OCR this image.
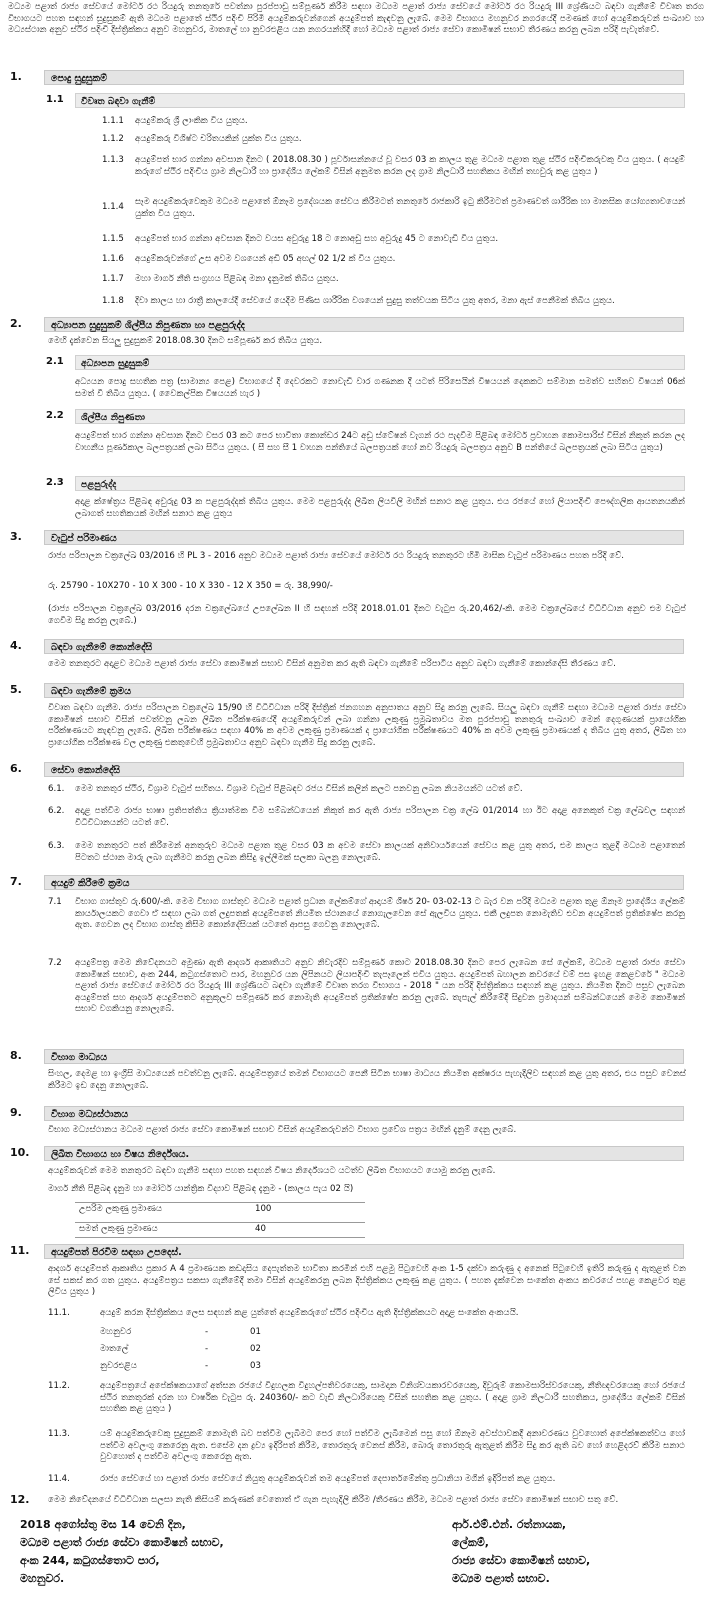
මධ්‍යම පළාත් රාජ්‍ය සේවයේ මෝටර් රථ රියදුරු තනතුරේ පවත්නා පුරප්පාඩු සම්පූර්ණ කිරීම සඳහා මධ්‍යම පළාත් රාජ්‍ය සේවයේ මෝටර් රථ රියදුරු III ශ්‍රේණියට බඳවා ගැනීමේ විවෘත තරග විභාගයට පහත සඳහන් සුදුසුකම් ඇති මධ්‍යම පළාතේ ස්ථිර පදිංචි පිරිමි අයදුම්කරුවන්ගෙන් අයදුම්පත් කැඳවනු ලැබේ. මෙම විභාගය මහනුවර නගරයේදී පමණක් හෝ අයදුම්කරුවන් සංඛ්‍යාව හා මධ්‍යස්ථාන අනුව ස්ථිර පදිංචි දිස්ත්‍රික්කය අනුව මහනුවර, මාතලේ හා නුවරඑළිය යන නගරයන්හිදී හෝ මධ්‍යම පළාත් රාජ්‍ය සේවා කොමිෂන් සභාව තීරණය කරනු ලබන පරිදි පැවැත්වේ.
1.	පොදු සුදුසුකම්
1.1	විවෘත බඳවා ගැනීම්
1.1.1 අයදුම්කරු ශ්‍රී ලාංකික විය යුතුය.
1.1.2 අයදුම්කරු විශිෂ්ට චරිතයකින් යුක්ත විය යුතුය.
1.1.3 අයදුම්පත් භාර ගන්නා අවසාන දිනට ( 2018.08.30 ) පූර්වාසන්නයේ වූ වසර 03 ක කාලය තුළ මධ්‍යම පළාත තුළ ස්ථිර පදිංචිකරුවකු විය යුතුය. ( අයදුම් කරුගේ ස්ථිර පදිංචිය ග්‍රාම නිලධාරී හා ප්‍රාදේශීය ලේකම් විසින් අනුමත කරන ලද ග්‍රාම නිලධාරී සහතිකය මඟින් තහවුරු කළ යුතුය )
1.1.4 සෑම අයදුම්කරුවෙකුම මධ්‍යම පළාතේ ඕනෑම ප්‍රදේශයක සේවය කිරීමටත් තනතුරේ රාජකාරි ඉටු කිරීමටත් ප්‍රමාණවත් ශාරීරික හා මානසික යෝග්‍යතාවයෙන් යුක්ත විය යුතුය.
1.1.5 අයදුම්පත් භාර ගන්නා අවසාන දිනට වයස අවුරුදු 18 ට නොඅඩු සහ අවුරුදු 45 ට නොවැඩි විය යුතුය.
1.1.6 අයදුම්කරුවන්ගේ උස අවම වශයෙන් අඩි 05 අඟල් 02 1/2 ක් විය යුතුය.
1.1.7 මහා මාර්ග නීති සංග්‍රහය පිළිබඳ මනා දැනුමක් තිබිය යුතුය.
1.1.8 දිවා කාලය හා රාත්‍රී කාලයේදී සේවයේ යෙදීම පිණිස ශාරීරික වශයෙන් සුදුසු තත්වයක සිටිය යුතු අතර, මනා ඇස් පෙනීමක් තිබිය යුතුය.
2.	අධ්‍යාපන සුදුසුකම් ශිල්පීය නිපුණතා හා පළපුරුද්ද
මෙහි දැක්වෙන සියලු සුදුසුකම් 2018.08.30 දිනට සම්පූර්ණ කර තිබිය යුතුය.
2.1	අධ්‍යාපන සුදුසුකම්
අධ්‍යයන පොදු සහතික පත්‍ර (සාමාන්‍ය පෙළ) විභාගයේ දී දෙවරකට නොවැඩි වාර ගණනක දී යටත් පිරිසෙයින් විෂයයන් දෙකකට සම්මාන සමත්ව සහිතව විෂයන් 06ක් සමත් වී තිබිය යුතුය. ( වෛකල්පික විෂයයන් හැර )
2.2	ශිල්පීය නිපුණතා
අයදුම්පත් භාර ගන්නා අවසාන දිනට වසර 03 කට පෙර භාවිතා කොන්ඩර 24ට අඩු ස්ටේෂන් වැගන් රථ පැදවීම පිළිබඳ මෝටර් ප්‍රවාහන කොමසාරිස් විසින් නිකුත් කරන ලද වාහනීය පූර්ණකාල බලපත්‍රයක් ලබා සිටිය යුතුය. ( සී සහ සී 1 වාහන පන්තියේ බලපත්‍රයක් හෝ නව රියදුරු බලපත්‍රය අනුව B පන්තියේ බලපත්‍රයක් ලබා සිටිය යුතුය)
2.3	පළපුරුද්ද
අදාළ ක්ෂේත්‍රය පිළිබඳ අවුරුදු 03 ක පළපුරුද්දක් තිබිය යුතුය. මෙම පළපුරුද්ද ලිඛිත ලියවිලි මඟින් සනාථ කළ යුතුය. එය රජයේ හෝ ලියාපදිංචි පෞද්ගලික ආයතනයකින් ලබාගත් සහතිකයක් මඟින් සනාථ කළ යුතුය
3.	වැටුප් පරිමාණය
රාජ්‍ය පරිපාලන චක්‍රලේඛ 03/2016 හි PL 3 - 2016 අනුව මධ්‍යම පළාත් රාජ්‍ය සේවයේ මෝටර් රථ රියදුරු තනතුරට හිමි මාසික වැටුප් පරිමාණය පහත පරිදි වේ.
රු. 25790 - 10X270 - 10 X 300 - 10 X 330 - 12 X 350 = රු. 38,990/-
(රාජ්‍ය පරිපාලන චක්‍රලේඛ 03/2016 දරන චක්‍රලේඛයේ උපලේඛන II හි සඳහන් පරිදි 2018.01.01 දිනට වැටුප රු.20,462/-කි. මෙම චක්‍රලේඛයේ විධිවිධාන අනුව එම වැටුප් ගෙවීම සිදු කරනු ලැබේ.)
4.	බඳවා ගැනීමේ කොන්දේසි
මෙම තනතුරට අදාළව මධ්‍යම පළාත් රාජ්‍ය සේවා කොමිෂන් සභාව විසින් අනුමත කර ඇති බඳවා ගැනීමේ පරිපාටිය අනුව බඳවා ගැනීමේ කොන්දේසි තීරණය වේ.
5.	බඳවා ගැනීමේ ක්‍රමය
විවෘත බඳවා ගැනීම. රාජ්‍ය පරිපාලන චක්‍රලේඛ 15/90 හි විධිවිධාන පරිදි දිස්ත්‍රික් ජනගහන අනුපාතය අනුව සිදු කරනු ලැබේ. සියලු බඳවා ගැනීම් සඳහා මධ්‍යම පළාත් රාජ්‍ය සේවා කොමිෂන් සභාව විසින් පවත්වනු ලබන ලිඛිත පරීක්ෂණයේදී අයදුම්කරුවන් ලබා ගන්නා ලකුණු ප්‍රමුඛතාවය මත පුරප්පාඩු තනතුරු සංඛ්‍යාව මෙන් දෙගුණයක් ප්‍රායෝගික පරීක්ෂණයට කැඳවනු ලැබේ. ලිඛිත පරීක්ෂණය සඳහා 40% ක අවම ලකුණු ප්‍රමාණයක් ද ප්‍රායෝගික පරීක්ෂණයට 40% ක අවම ලකුණු ප්‍රමාණයක් ද තිබිය යුතු අතර, ලිඛිත හා ප්‍රායෝගික පරීක්ෂණ වල ලකුණු එකතුවෙහි ප්‍රමුඛතාවය අනුව බඳවා ගැනීම සිදු කරනු ලැබේ.
6.	සේවා කොන්දේසි
6.1. මෙම තනතුර ස්ථිර, විශ්‍රාම වැටුප් සහිතය. විශ්‍රාම වැටුප් පිළිබඳව රජය විසින් කලින් කලට පනවනු ලබන නියමයන්ට යටත් වේ.
6.2. අදාළ පත්වීම රාජ්‍ය භාෂා ප්‍රතිපත්තිය ක්‍රියාත්මක වීම සම්බන්ධයෙන් නිකුත් කර ඇති රාජ්‍ය පරිපාලන චක්‍ර ලේඛ 01/2014 හා ඊට අදාළ අනෙකුත් චක්‍ර ලේඛවල සඳහන් විධිවිධානයන්ට යටත් වේ.
6.3. මෙම තනතුරට පත් කිරීමෙන් අනතුරුව මධ්‍යම පළාත තුළ වසර 03 ක අවම සේවා කාලයක් අනිවාර්යයෙන් සේවය කළ යුතු අතර, එම කාලය තුළදී මධ්‍යම පළාතෙන් පිටතට ස්ථාන මාරු ලබා ගැනීමට කරනු ලබන කිසිදු ඉල්ලීමක් සලකා බලනු නොලැබේ.
7.	අයදුම් කිරීමේ ක්‍රමය
7.1 විභාග ගාස්තුව රු.600/-කි. මෙම විභාග ගාස්තුව මධ්‍යම පළාත් ප්‍රධාන ලේකම්ගේ ආදායම් ශීර්ෂ 20- 03-02-13 ට බැර වන පරිදි මධ්‍යම පළාත තුළ ඕනෑම ප්‍රාදේශීය ලේකම් කාර්යාලයකට ගෙවා ඒ සඳහා ලබා ගත් ලදුපතක් අයදුම්පතේ නියමිත ස්ථානයේ නොගැලවෙන සේ ඇලවිය යුතුය. එකී ලදුපත නොමැතිව එවන අයදුම්පත් ප්‍රතික්ෂේප කරනු ඇත. ගෙවන ලද විභාග ගාස්තු කිසිම කොන්දේසියක් යටතේ ආපසු ගෙවනු නොලැබේ.
7.2 අයදුම්පත්‍ර මෙම නිවේදනයට අමුණා ඇති ආදර්ශ ආකෘතියට අනුව නිවැරදිව සම්පූර්ණ කොට 2018.08.30 දිනට පෙර ලැබෙන සේ ලේකම්, මධ්‍යම පළාත් රාජ්‍ය සේවා කොමිෂන් සභාව, අංක 244, කටුගස්තොට පාර, මහනුවර යන ලිපිනයට ලියාපදිංචි තැපෑලෙන් එවිය යුතුය. අයදුම්පත් බහාලන කවරයේ වම් පස ඉහළ කෙළවරේ " මධ්‍යම පළාත් රාජ්‍ය සේවයේ මෝටර් රථ රියදුරු III ශ්‍රේණියට බඳවා ගැනීමේ විවෘත තරග විභාගය - 2018 " යන පරිදි දිස්ත්‍රික්කය සඳහන් කළ යුතුය. නියමිත දිනට පසුව ලැබෙන අයදුම්පත් සහ ආදර්ශ අයදුම්පතට අනුකූලව සම්පූර්ණ කර නොමැති අයදුම්පත් ප්‍රතික්ෂේප කරනු ලැබේ. තැපැල් කිරීමේදී සිදුවන ප්‍රමාදයන් සම්බන්ධයෙන් මෙම කොමිෂන් සභාව වගකියනු නොලැබේ.
8.	විභාග මාධ්‍යය
සිංහල, දෙමළ හා ඉංග්‍රීසි මාධ්‍යයෙන් පවත්වනු ලැබේ. අයදුම්පත්‍රයේ තමන් විභාගයට පෙනී සිටින භාෂා මාධ්‍යය නියමිත අක්ෂරය පැහැදිලිව සඳහන් කළ යුතු අතර, එය පසුව වෙනස් කිරීමට ඉඩ දෙනු නොලැබේ.
9.	විභාග මධ්‍යස්ථානය
විභාග මධ්‍යස්ථානය මධ්‍යම පළාත් රාජ්‍ය සේවා කොමිෂන් සභාව විසින් අයදුම්කරුවන්ට විභාග ප්‍රවේශ පත්‍රය මඟින් දැනුම් දෙනු ලැබේ.
10.	ලිඛිත විභාගය හා විෂය නිර්දේශය.
අයදුම්කරුවන් මෙම තනතුරට බඳවා ගැනීම සඳහා පහත සඳහන් විෂය නිර්දේශයට යටත්ව ලිඛිත විභාගයට යොමු කරනු ලැබේ.
මාර්ග නීති පිළිබඳ දැනුම හා මෝටර් යාන්ත්‍රික විද්‍යාව පිළිබඳ දැනුම - (කාලය පැය 02 යි)
උපරිම ලකුණු ප්‍රමාණය	100
සමත් ලකුණු ප්‍රමාණය	40
11.	අයදුම්පත් පිරවීම සඳහා උපදෙස්.
ආදර්ශ අයදුම්පත් ආකෘතිය ප්‍රකාර A 4 ප්‍රමාණයක කඩදාසිය දෙපැත්තම භාවිතා කරමින් එහි පළමු පිටුවෙහි අංක 1-5 දක්වා කරුණු ද අනෙක් පිටුවෙහි ඉතිරි කරුණු ද ඇතුළත් වන සේ සකස් කර ගත යුතුය. අයදුම්පත්‍රය සකසා ගැනීමේදී තමා විසින් අයදුම්කරනු ලබන දිස්ත්‍රික්කය ලකුණු කළ යුතුය. ( පහත දැක්වෙන සංකේත අංකය කවරයේ පහළ කෙළවර තුළ ලිවිය යුතුය )
11.1.	අයදුම් කරන දිස්ත්‍රික්කය ලෙස සඳහන් කළ යුත්තේ අයදුම්කරුගේ ස්ථිර පදිංචිය ඇති දිස්ත්‍රික්කයට අදාළ සංකේත අංකයයි.
මහනුවර	-	01
මාතලේ	-	02
නුවරඑළිය	-	03
11.2.	අයදුම්පත්‍රයේ අපේක්ෂකයාගේ අත්සන රජයේ විදුහලක විදුහල්පතිවරයෙකු, සාමදාන විනිශ්චයකාරවරයෙකු, දිවුරුම් කොමසාරිස්වරයෙකු, නීතිඥවරයෙකු හෝ රජයේ ස්ථිර තනතුරක් දරන හා වාර්ෂික වැටුප රු. 240360/- කට වැඩි නිලධාරියෙකු විසින් සහතික කළ යුතුය. ( අදාළ ග්‍රාම නිලධාරී සහතිකය, ප්‍රාදේශීය ලේකම් විසින් සහතික කළ යුතුය )
11.3.	යම් අයදුම්කරුවෙකු සුදුසුකම් නොමැති බව පත්වීම ලැබීමට පෙර හෝ පත්වීම ලැබීමෙන් පසු හෝ ඕනෑම අවස්ථාවකදී අනාවරණය වුවහොත් අපේක්ෂකත්වය හෝ පත්වීම අවලංගු කෙරෙනු ඇත. එසේම දන ද්‍රව්‍ය ඉදිරිපත් කිරීම, තොරතුරු වෙනස් කිරීම, බොරු තොරතුරු ඇතුළත් කිරීම සිදු කර ඇති බව හෝ හෙළිදරව් කිරීම සනාථ වුවහොත් ද පත්වීම අවලංගු කෙරෙනු ඇත.
11.4.	රාජ්‍ය සේවයේ හා පළාත් රාජ්‍ය සේවයේ නියුතු අයදුම්කරුවන් තම අයදුම්පත් දෙපාර්තමේන්තු ප්‍රධානියා මගින් ඉදිරිපත් කළ යුතුය.
12. මෙම නිවේදනයේ විධිවිධාන සලසා නැති කිසියම් කරුණක් වෙතොත් ඒ ගැන පැහැදිලි කිරීම /තීරණය කිරීම, මධ්‍යම පළාත් රාජ්‍ය සේවා කොමිෂන් සභාව සතු වේ.
2018 අගෝස්තු මස 14 වෙනි දින,
මධ්‍යම පළාත් රාජ්‍ය සේවා කොමිෂන් සභාව,
අංක 244, කටුගස්තොට පාර,
මහනුවර.
ආර්.එම්.එන්. රත්නායක,
ලේකම්,
රාජ්‍ය සේවා කොමිෂන් සභාව,
මධ්‍යම පළාත් සභාව.
